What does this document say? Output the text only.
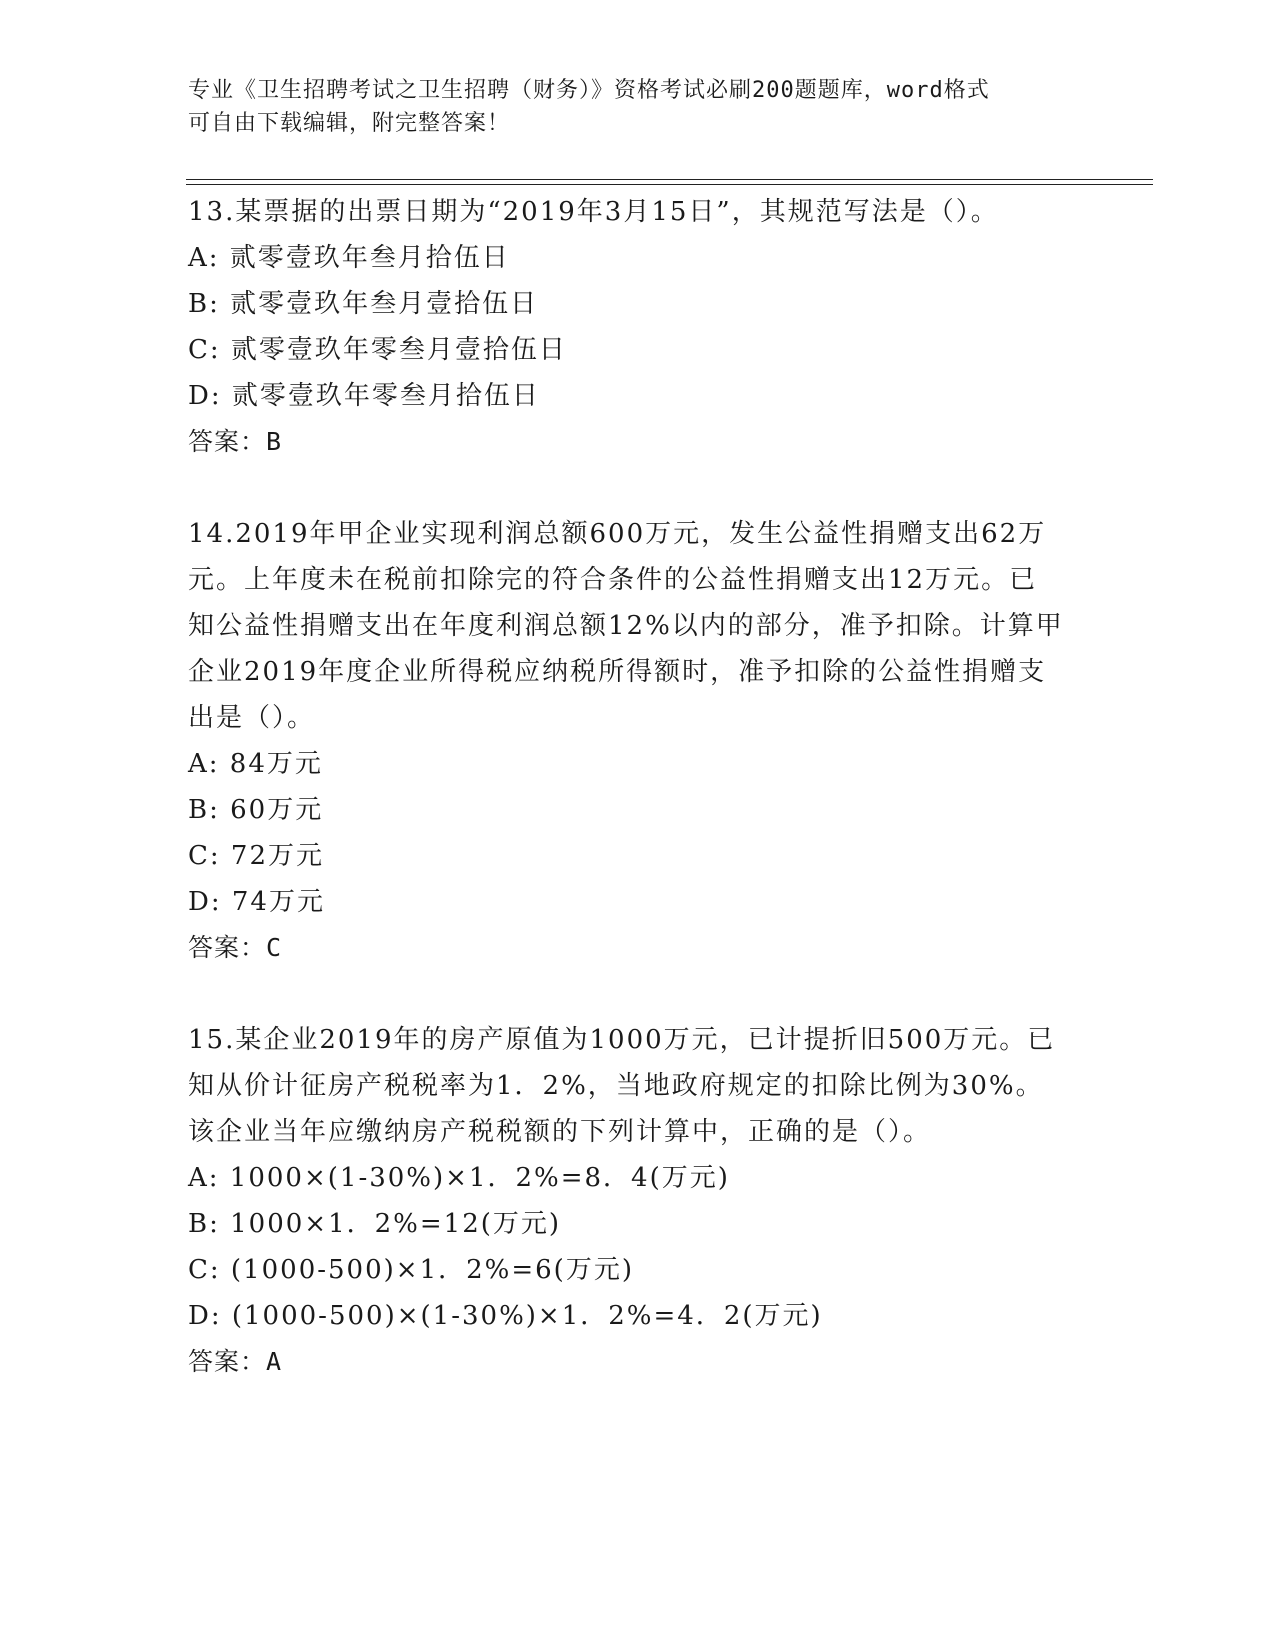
专业《卫生招聘考试之卫生招聘（财务）》资格考试必刷200题题库，word格式
可自由下载编辑，附完整答案！

13.某票据的出票日期为“2019年3月15日”，其规范写法是（）。

A: 贰零壹玖年叁月拾伍日

B: 贰零壹玖年叁月壹拾伍日

C: 贰零壹玖年零叁月壹拾伍日

D: 贰零壹玖年零叁月拾伍日

答案：B

14.2019年甲企业实现利润总额600万元，发生公益性捐赠支出62万

元。上年度未在税前扣除完的符合条件的公益性捐赠支出12万元。已

知公益性捐赠支出在年度利润总额12%以内的部分，准予扣除。计算甲

企业2019年度企业所得税应纳税所得额时，准予扣除的公益性捐赠支

出是（）。

A: 84万元

B: 60万元

C: 72万元

D: 74万元

答案：C

15.某企业2019年的房产原值为1000万元，已计提折旧500万元。已

知从价计征房产税税率为1．2%，当地政府规定的扣除比例为30%。

该企业当年应缴纳房产税税额的下列计算中，正确的是（）。

A: 1000×(1-30%)×1．2%=8．4(万元)

B: 1000×1．2%=12(万元)

C: (1000-500)×1．2%=6(万元)

D: (1000-500)×(1-30%)×1．2%=4．2(万元)

答案：A
